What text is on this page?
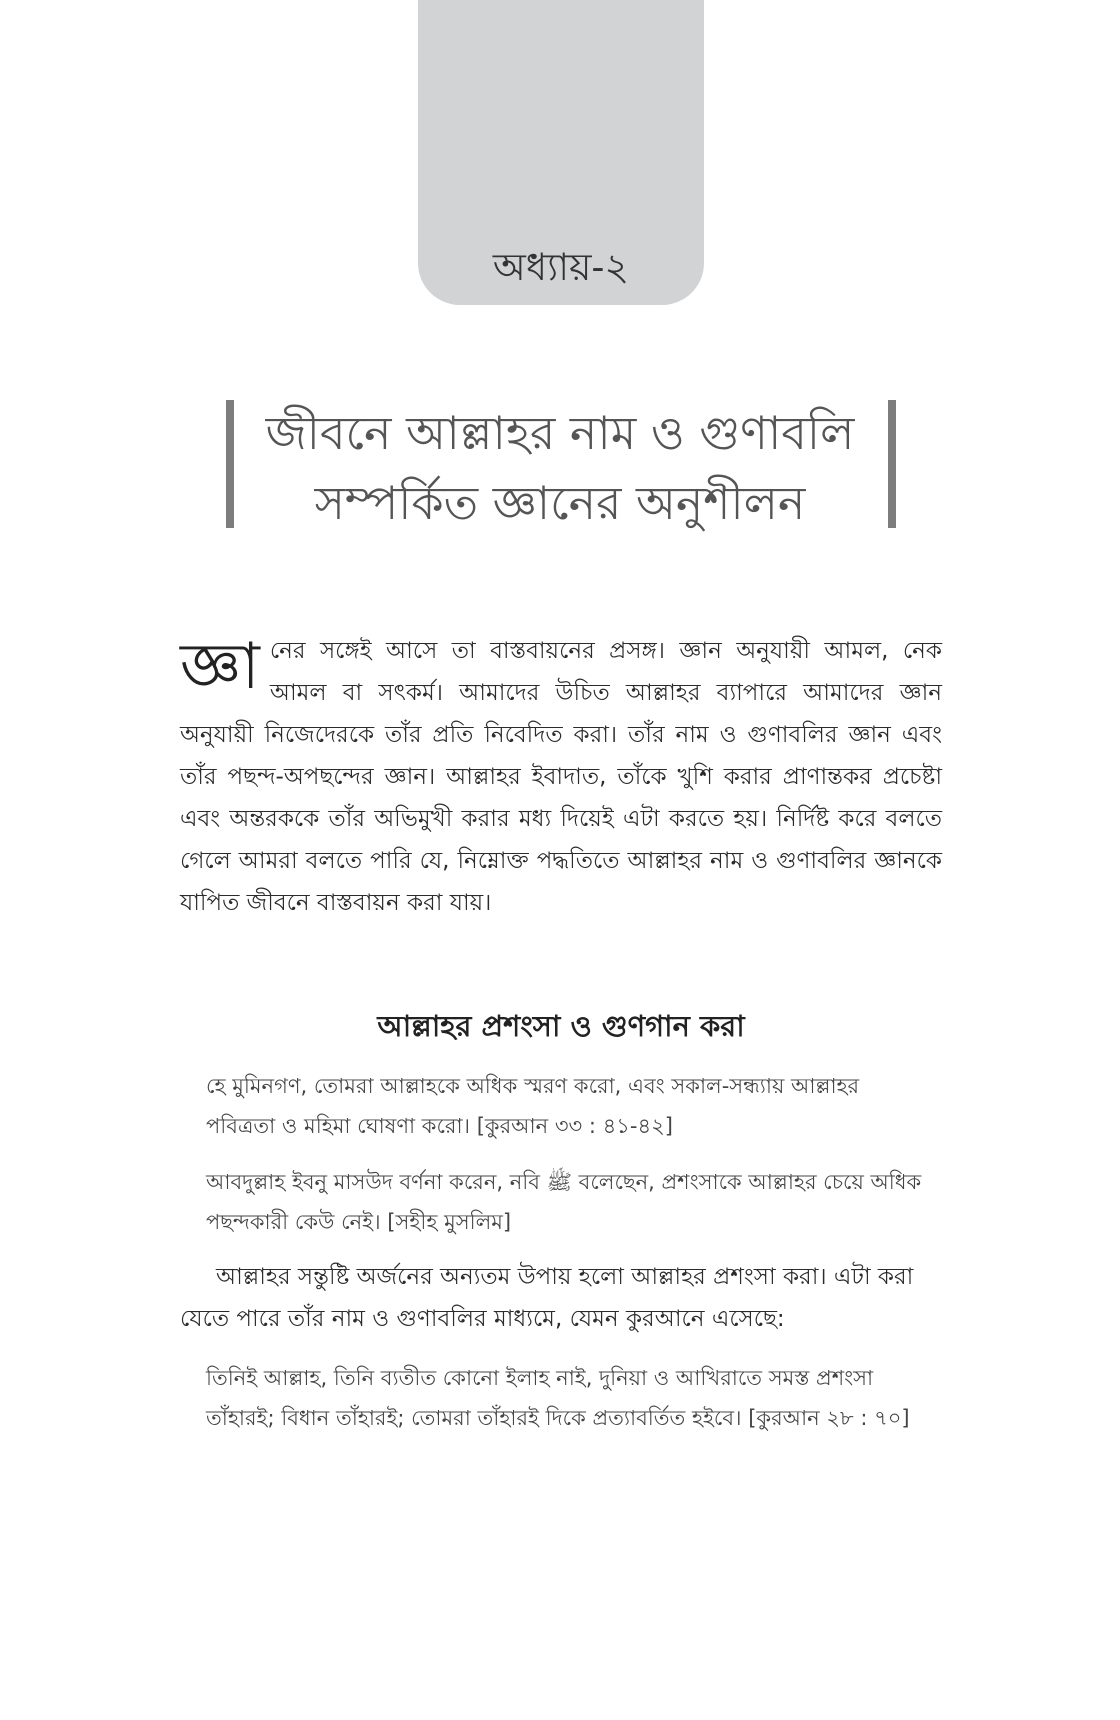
অধ্যায়-২
জীবনে আল্লাহর নাম ও গুণাবলি
সম্পর্কিত জ্ঞানের অনুশীলন
জ্ঞা নের সঙ্গেই আসে তা বাস্তবায়নের প্রসঙ্গ। জ্ঞান অনুযায়ী আমল, নেক আমল বা সৎকর্ম। আমাদের উচিত আল্লাহর ব্যাপারে আমাদের জ্ঞান অনুযায়ী নিজেদেরকে তাঁর প্রতি নিবেদিত করা। তাঁর নাম ও গুণাবলির জ্ঞান এবং তাঁর পছন্দ-অপছন্দের জ্ঞান। আল্লাহর ইবাদাত, তাঁকে খুশি করার প্রাণান্তকর প্রচেষ্টা এবং অন্তরককে তাঁর অভিমুখী করার মধ্য দিয়েই এটা করতে হয়। নির্দিষ্ট করে বলতে গেলে আমরা বলতে পারি যে, নিম্নোক্ত পদ্ধতিতে আল্লাহর নাম ও গুণাবলির জ্ঞানকে যাপিত জীবনে বাস্তবায়ন করা যায়।
আল্লাহর প্রশংসা ও গুণগান করা
হে মুমিনগণ, তোমরা আল্লাহকে অধিক স্মরণ করো, এবং সকাল-সন্ধ্যায় আল্লাহর পবিত্রতা ও মহিমা ঘোষণা করো। [কুরআন ৩৩ : ৪১-৪২]
আবদুল্লাহ ইবনু মাসউদ বর্ণনা করেন, নবি ﷺ বলেছেন, প্রশংসাকে আল্লাহর চেয়ে অধিক পছন্দকারী কেউ নেই। [সহীহ মুসলিম]
আল্লাহর সন্তুষ্টি অর্জনের অন্যতম উপায় হলো আল্লাহর প্রশংসা করা। এটা করা যেতে পারে তাঁর নাম ও গুণাবলির মাধ্যমে, যেমন কুরআনে এসেছে:
তিনিই আল্লাহ, তিনি ব্যতীত কোনো ইলাহ নাই, দুনিয়া ও আখিরাতে সমস্ত প্রশংসা তাঁহারই; বিধান তাঁহারই; তোমরা তাঁহারই দিকে প্রত্যাবর্তিত হইবে। [কুরআন ২৮ : ৭০]
